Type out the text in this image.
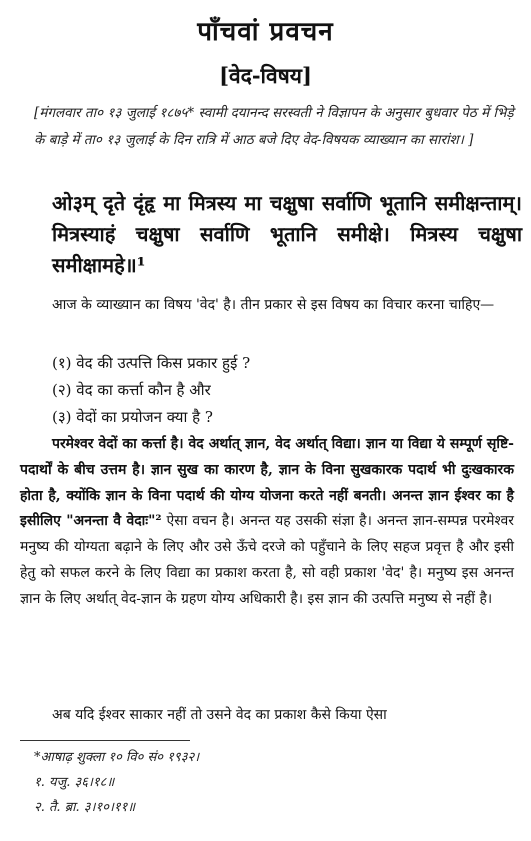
पाँचवां प्रवचन
[वेद-विषय]
[मंगलवार ता० १३ जुलाई १८७५* स्वामी दयानन्द सरस्वती ने विज्ञापन के अनुसार बुधवार पेठ में भिड़े के बाड़े में ता० १३ जुलाई के दिन रात्रि में आठ बजे दिए वेद-विषयक व्याख्यान का सारांश। ]
ओ३म् दृते दृंहृ मा मित्रस्य मा चक्षुषा सर्वाणि भूतानि समीक्षन्ताम्। मित्रस्याहं चक्षुषा सर्वाणि भूतानि समीक्षे। मित्रस्य चक्षुषा समीक्षामहे॥¹
आज के व्याख्यान का विषय 'वेद' है। तीन प्रकार से इस विषय का विचार करना चाहिए—
(१) वेद की उत्पत्ति किस प्रकार हुई ?
(२) वेद का कर्त्ता कौन है और
(३) वेदों का प्रयोजन क्या है ?
परमेश्वर वेदों का कर्त्ता है। वेद अर्थात् ज्ञान, वेद अर्थात् विद्या। ज्ञान या विद्या ये सम्पूर्ण सृष्टि-पदार्थों के बीच उत्तम है। ज्ञान सुख का कारण है, ज्ञान के विना सुखकारक पदार्थ भी दुःखकारक होता है, क्योंकि ज्ञान के विना पदार्थ की योग्य योजना करते नहीं बनती। अनन्त ज्ञान ईश्वर का है इसीलिए "अनन्ता वै वेदाः"² ऐसा वचन है। अनन्त यह उसकी संज्ञा है। अनन्त ज्ञान-सम्पन्न परमेश्वर मनुष्य की योग्यता बढ़ाने के लिए और उसे ऊँचे दरजे को पहुँचाने के लिए सहज प्रवृत्त है और इसी हेतु को सफल करने के लिए विद्या का प्रकाश करता है, सो वही प्रकाश 'वेद' है। मनुष्य इस अनन्त ज्ञान के लिए अर्थात् वेद-ज्ञान के ग्रहण योग्य अधिकारी है। इस ज्ञान की उत्पत्ति मनुष्य से नहीं है।
अब यदि ईश्वर साकार नहीं तो उसने वेद का प्रकाश कैसे किया ऐसा
*आषाढ़ शुक्ला १० वि० सं० १९३२।
१. यजु. ३६।१८॥
२. तै. ब्रा. ३।१०।११॥
